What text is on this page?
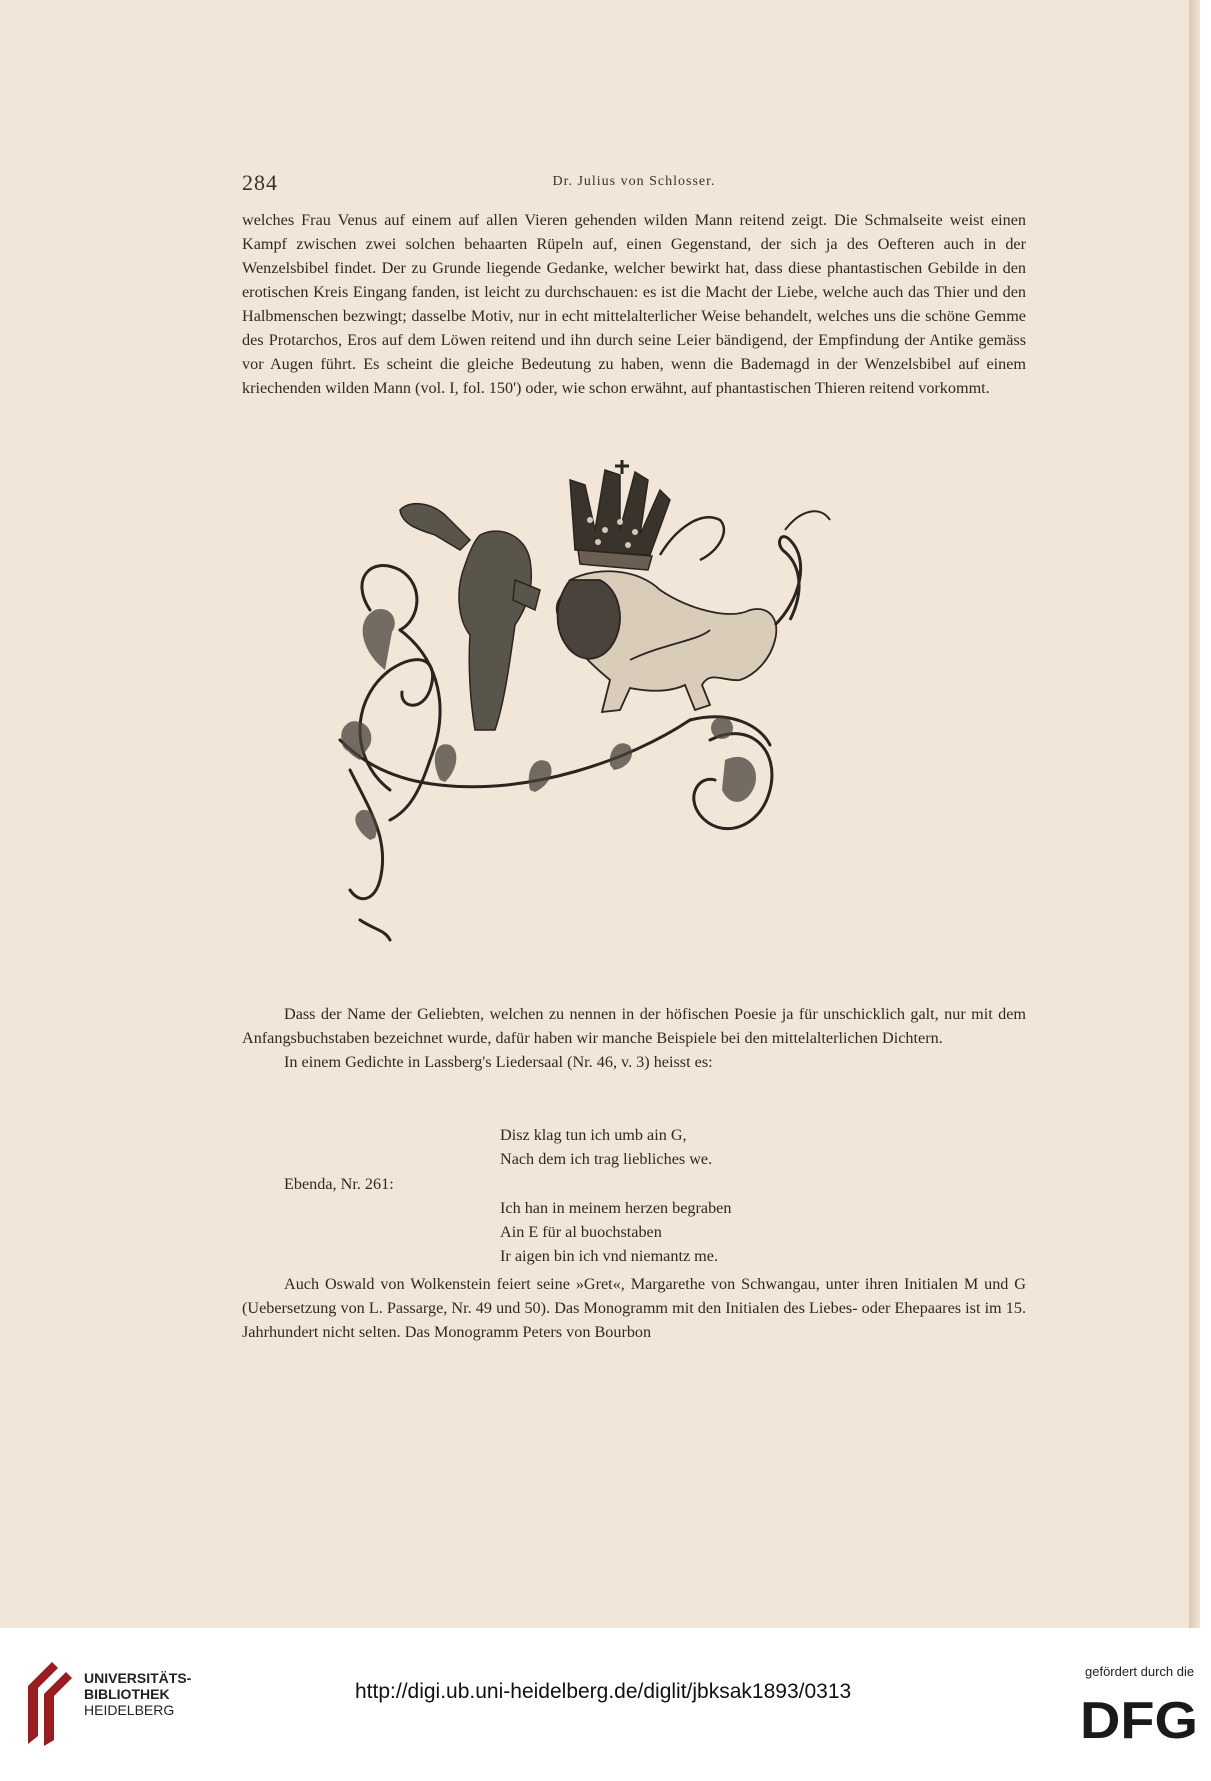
284	Dr. Julius von Schlosser.

welches Frau Venus auf einem auf allen Vieren gehenden wilden Mann reitend zeigt. Die Schmalseite weist einen Kampf zwischen zwei solchen behaarten Rüpeln auf, einen Gegenstand, der sich ja des Oefteren auch in der Wenzelsbibel findet. Der zu Grunde liegende Gedanke, welcher bewirkt hat, dass diese phantastischen Gebilde in den erotischen Kreis Eingang fanden, ist leicht zu durchschauen: es ist die Macht der Liebe, welche auch das Thier und den Halbmenschen bezwingt; dasselbe Motiv, nur in echt mittelalterlicher Weise behandelt, welches uns die schöne Gemme des Protarchos, Eros auf dem Löwen reitend und ihn durch seine Leier bändigend, der Empfindung der Antike gemäss vor Augen führt. Es scheint die gleiche Bedeutung zu haben, wenn die Bademagd in der Wenzelsbibel auf einem kriechenden wilden Mann (vol. I, fol. 150') oder, wie schon erwähnt, auf phantastischen Thieren reitend vorkommt.

Dass der Name der Geliebten, welchen zu nennen in der höfischen Poesie ja für unschicklich galt, nur mit dem Anfangsbuchstaben bezeichnet wurde, dafür haben wir manche Beispiele bei den mittelalterlichen Dichtern.

In einem Gedichte in Lassberg's Liedersaal (Nr. 46, v. 3) heisst es:

Disz klag tun ich umb ain G,
Nach dem ich trag liebliches we.
Ebenda, Nr. 261:
Ich han in meinem herzen begraben
Ain E für al buochstaben
Ir aigen bin ich vnd niemantz me.

Auch Oswald von Wolkenstein feiert seine »Gret«, Margarethe von Schwangau, unter ihren Initialen M und G (Uebersetzung von L. Passarge, Nr. 49 und 50). Das Monogramm mit den Initialen des Liebes- oder Ehepaares ist im 15. Jahrhundert nicht selten. Das Monogramm Peters von Bourbon

UNIVERSITÄTS-
BIBLIOTHEK
HEIDELBERG
http://digi.ub.uni-heidelberg.de/diglit/jbksak1893/0313
gefördert durch die
DFG
